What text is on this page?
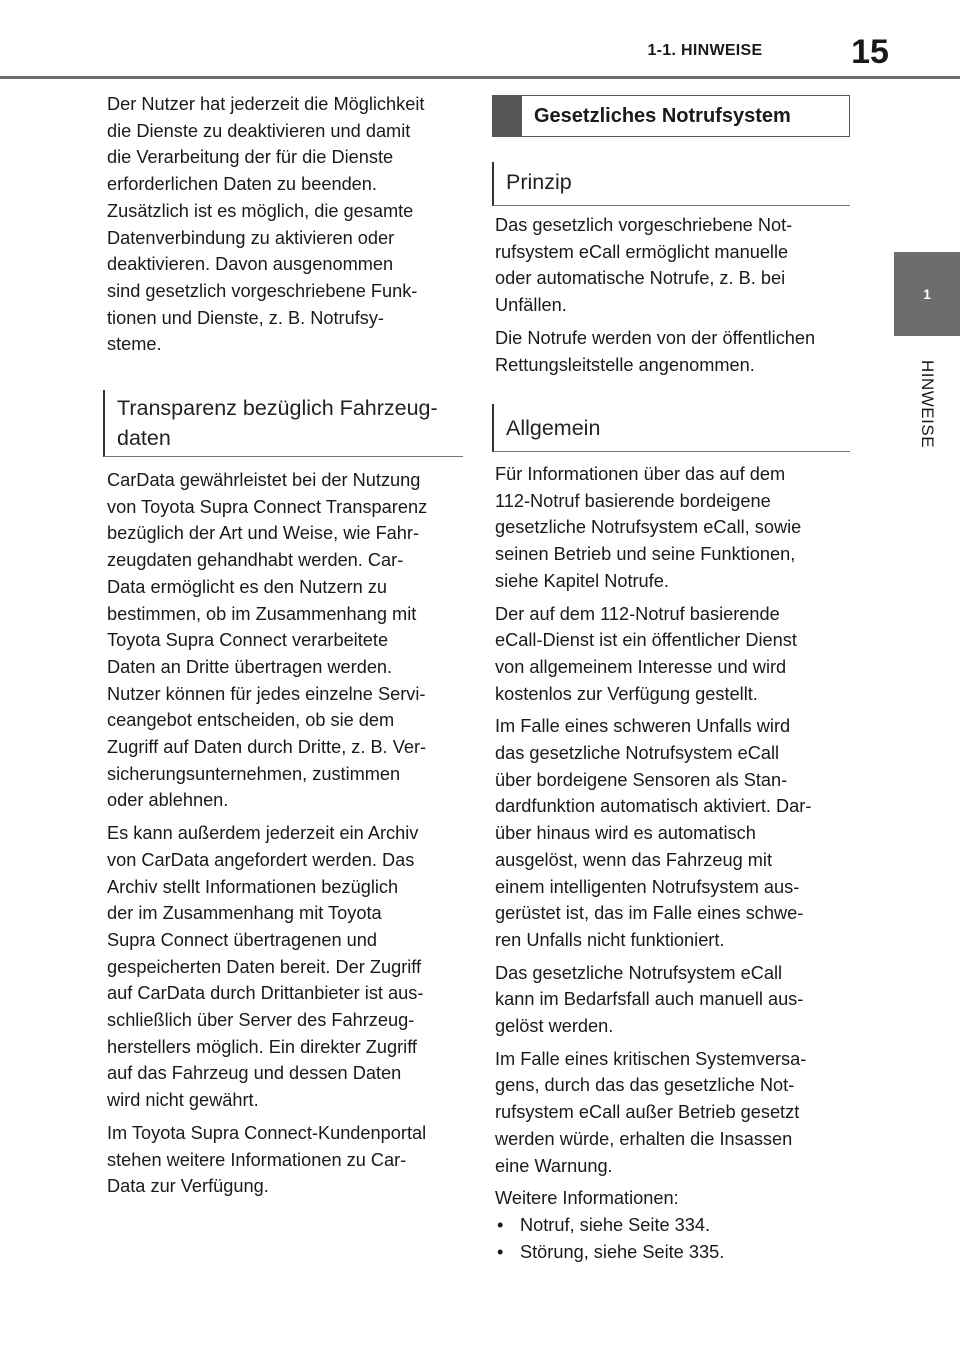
1-1. HINWEISE	15
1
HINWEISE

Der Nutzer hat jederzeit die Möglichkeit
die Dienste zu deaktivieren und damit
die Verarbeitung der für die Dienste
erforderlichen Daten zu beenden.
Zusätzlich ist es möglich, die gesamte
Datenverbindung zu aktivieren oder
deaktivieren. Davon ausgenommen
sind gesetzlich vorgeschriebene Funk-
tionen und Dienste, z. B. Notrufsy-
steme.

Transparenz bezüglich Fahrzeug-
daten

CarData gewährleistet bei der Nutzung
von Toyota Supra Connect Transparenz
bezüglich der Art und Weise, wie Fahr-
zeugdaten gehandhabt werden. Car-
Data ermöglicht es den Nutzern zu
bestimmen, ob im Zusammenhang mit
Toyota Supra Connect verarbeitete
Daten an Dritte übertragen werden.
Nutzer können für jedes einzelne Servi-
ceangebot entscheiden, ob sie dem
Zugriff auf Daten durch Dritte, z. B. Ver-
sicherungsunternehmen, zustimmen
oder ablehnen.

Es kann außerdem jederzeit ein Archiv
von CarData angefordert werden. Das
Archiv stellt Informationen bezüglich
der im Zusammenhang mit Toyota
Supra Connect übertragenen und
gespeicherten Daten bereit. Der Zugriff
auf CarData durch Drittanbieter ist aus-
schließlich über Server des Fahrzeug-
herstellers möglich. Ein direkter Zugriff
auf das Fahrzeug und dessen Daten
wird nicht gewährt.

Im Toyota Supra Connect-Kundenportal
stehen weitere Informationen zu Car-
Data zur Verfügung.

Gesetzliches Notrufsystem
Prinzip

Das gesetzlich vorgeschriebene Not-
rufsystem eCall ermöglicht manuelle
oder automatische Notrufe, z. B. bei
Unfällen.

Die Notrufe werden von der öffentlichen
Rettungsleitstelle angenommen.

Allgemein

Für Informationen über das auf dem
112-Notruf basierende bordeigene
gesetzliche Notrufsystem eCall, sowie
seinen Betrieb und seine Funktionen,
siehe Kapitel Notrufe.

Der auf dem 112-Notruf basierende
eCall-Dienst ist ein öffentlicher Dienst
von allgemeinem Interesse und wird
kostenlos zur Verfügung gestellt.

Im Falle eines schweren Unfalls wird
das gesetzliche Notrufsystem eCall
über bordeigene Sensoren als Stan-
dardfunktion automatisch aktiviert. Dar-
über hinaus wird es automatisch
ausgelöst, wenn das Fahrzeug mit
einem intelligenten Notrufsystem aus-
gerüstet ist, das im Falle eines schwe-
ren Unfalls nicht funktioniert.

Das gesetzliche Notrufsystem eCall
kann im Bedarfsfall auch manuell aus-
gelöst werden.

Im Falle eines kritischen Systemversa-
gens, durch das das gesetzliche Not-
rufsystem eCall außer Betrieb gesetzt
werden würde, erhalten die Insassen
eine Warnung.

Weitere Informationen:

• Notruf, siehe Seite 334.
• Störung, siehe Seite 335.
